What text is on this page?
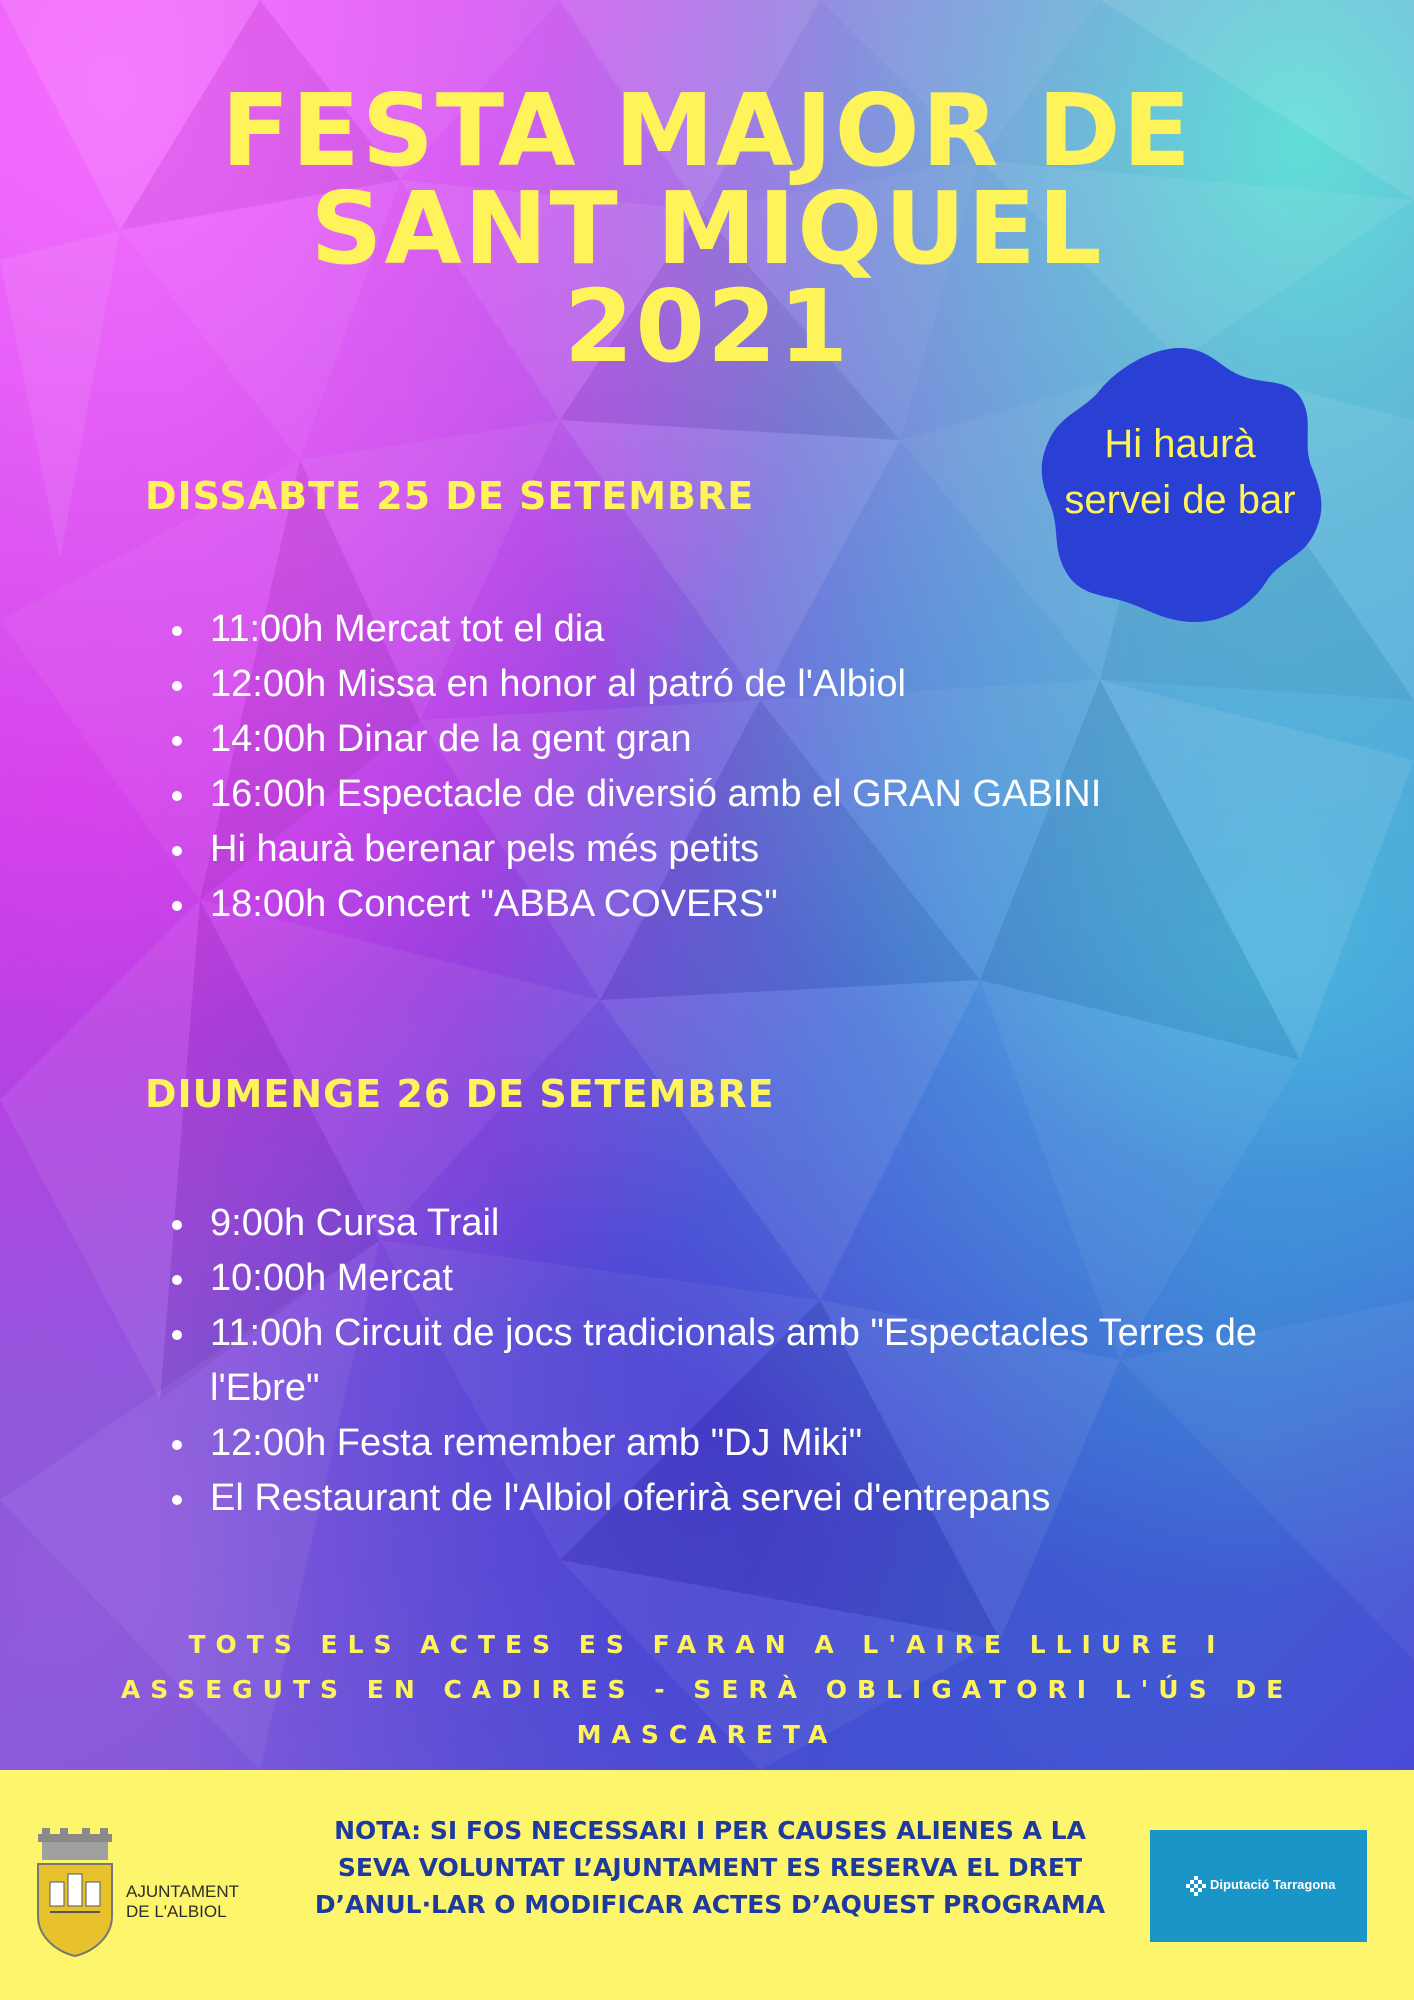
FESTA MAJOR DE
SANT MIQUEL
2021
Hi haurà
servei de bar
DISSABTE 25 DE SETEMBRE
11:00h Mercat tot el dia
12:00h Missa en honor al patró de l'Albiol
14:00h Dinar de la gent gran
16:00h Espectacle de diversió amb el GRAN GABINI
Hi haurà berenar pels més petits
18:00h Concert "ABBA COVERS"
DIUMENGE 26 DE SETEMBRE
9:00h Cursa Trail
10:00h Mercat
11:00h Circuit de jocs tradicionals amb "Espectacles Terres de l'Ebre"
12:00h Festa remember amb "DJ Miki"
El Restaurant de l'Albiol oferirà servei d'entrepans

TOTS ELS ACTES ES FARAN A L'AIRE LLIURE I ASSEGUTS EN CADIRES - SERÀ OBLIGATORI L'ÚS DE MASCARETA

AJUNTAMENT
DE L'ALBIOL
NOTA: SI FOS NECESSARI I PER CAUSES ALIENES A LA SEVA VOLUNTAT L’AJUNTAMENT ES RESERVA EL DRET D’ANUL·LAR O MODIFICAR ACTES D’AQUEST PROGRAMA
Diputació Tarragona
